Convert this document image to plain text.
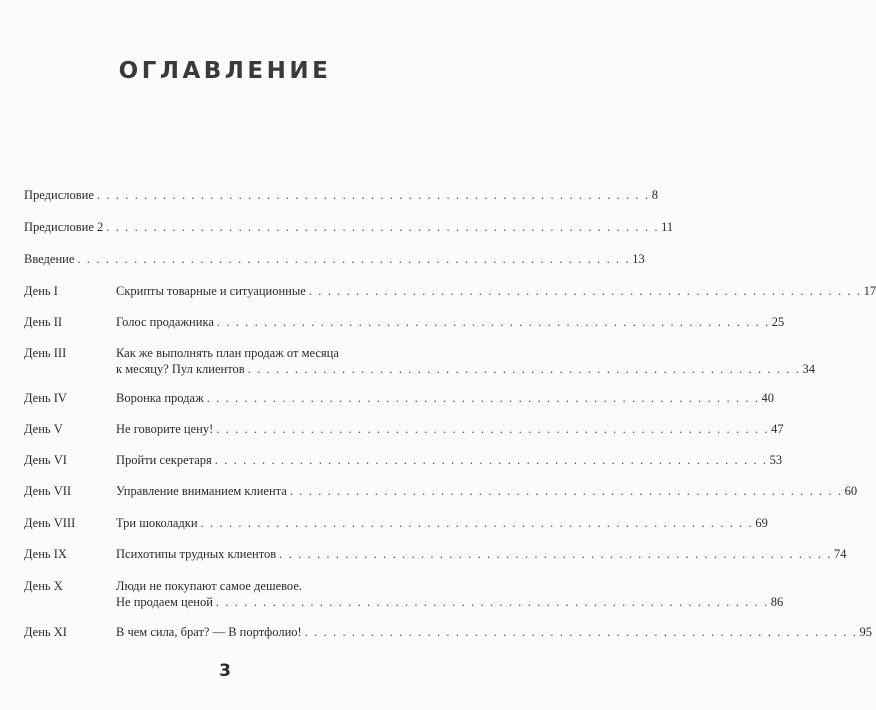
ОГЛАВЛЕНИЕ
Предисловие . . . . . . . . . . . . . . . . . . . . . . . . . . . . . . . . . . . . . . . . . . . . . . . . . . . . . . . . . . . 8
Предисловие 2 . . . . . . . . . . . . . . . . . . . . . . . . . . . . . . . . . . . . . . . . . . . . . . . . . . . . . . . . . . . 11
Введение . . . . . . . . . . . . . . . . . . . . . . . . . . . . . . . . . . . . . . . . . . . . . . . . . . . . . . . . . . . 13
День I	Скрипты товарные и ситуационные . . . . . . . . . . . . . . . . . . . . . . . . . . . . . . . . . . . . . . . . . . . . . . . . . . . . . . . . . . . 17
День II	Голос продажника . . . . . . . . . . . . . . . . . . . . . . . . . . . . . . . . . . . . . . . . . . . . . . . . . . . . . . . . . . . 25
День III	Как же выполнять план продаж от месяца
к месяцу? Пул клиентов . . . . . . . . . . . . . . . . . . . . . . . . . . . . . . . . . . . . . . . . . . . . . . . . . . . . . . . . . . . 34
День IV	Воронка продаж . . . . . . . . . . . . . . . . . . . . . . . . . . . . . . . . . . . . . . . . . . . . . . . . . . . . . . . . . . . 40
День V	Не говорите цену! . . . . . . . . . . . . . . . . . . . . . . . . . . . . . . . . . . . . . . . . . . . . . . . . . . . . . . . . . . . 47
День VI	Пройти секретаря . . . . . . . . . . . . . . . . . . . . . . . . . . . . . . . . . . . . . . . . . . . . . . . . . . . . . . . . . . . 53
День VII	Управление вниманием клиента . . . . . . . . . . . . . . . . . . . . . . . . . . . . . . . . . . . . . . . . . . . . . . . . . . . . . . . . . . . 60
День VIII	Три шоколадки . . . . . . . . . . . . . . . . . . . . . . . . . . . . . . . . . . . . . . . . . . . . . . . . . . . . . . . . . . . 69
День IX	Психотипы трудных клиентов . . . . . . . . . . . . . . . . . . . . . . . . . . . . . . . . . . . . . . . . . . . . . . . . . . . . . . . . . . . 74
День X	Люди не покупают самое дешевое.
Не продаем ценой . . . . . . . . . . . . . . . . . . . . . . . . . . . . . . . . . . . . . . . . . . . . . . . . . . . . . . . . . . . 86
День XI	В чем сила, брат? — В портфолио! . . . . . . . . . . . . . . . . . . . . . . . . . . . . . . . . . . . . . . . . . . . . . . . . . . . . . . . . . . . 95
3
